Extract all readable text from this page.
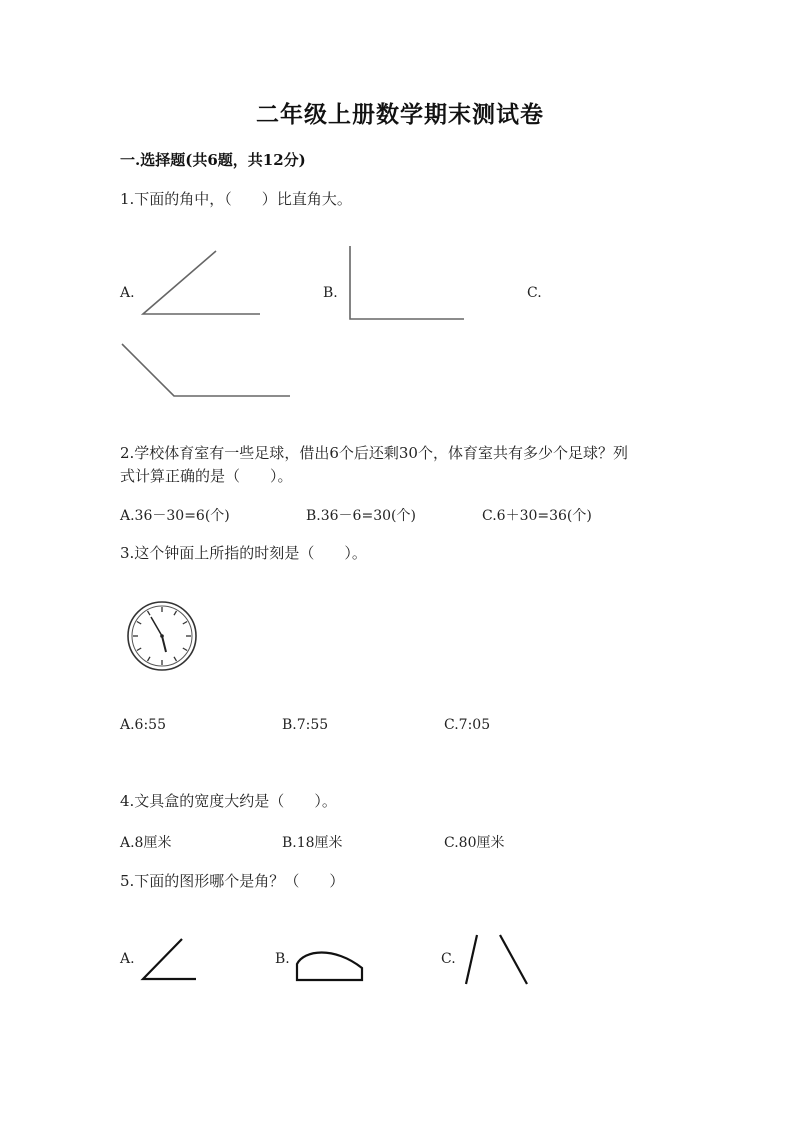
二年级上册数学期末测试卷
一.选择题(共6题，共12分)
1.下面的角中，（　　）比直角大。
A.	B.	C.
2.学校体育室有一些足球，借出6个后还剩30个，体育室共有多少个足球？列
式计算正确的是（　　）。
A.36－30=6(个)	B.36－6=30(个)	C.6＋30=36(个)
3.这个钟面上所指的时刻是（　　）。
A.6:55	B.7:55	C.7:05
4.文具盒的宽度大约是（　　）。
A.8厘米	B.18厘米	C.80厘米
5.下面的图形哪个是角？（　　）
A.	B.	C.
